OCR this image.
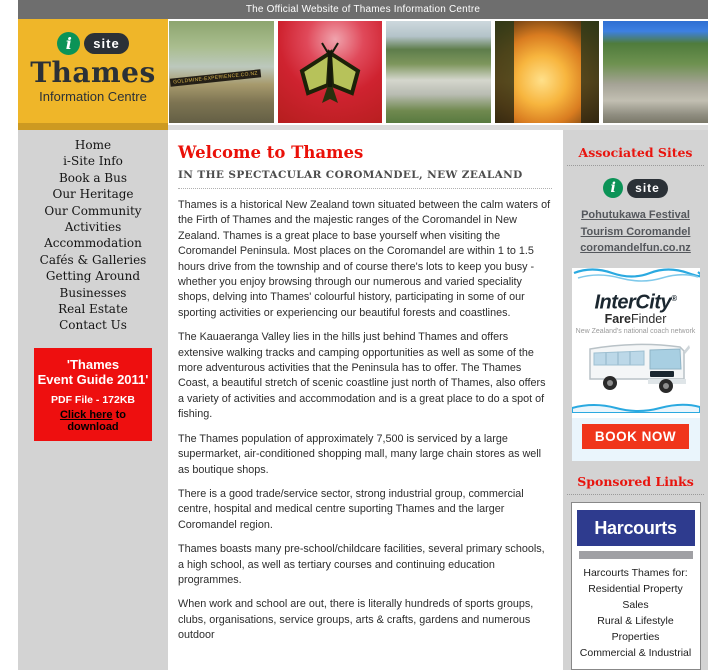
The Official Website of Thames Information Centre
i	site
Thames
Information Centre
GOLDMINE-EXPERIENCE.CO.NZ
Home
i-Site Info
Book a Bus
Our Heritage
Our Community
Activities
Accommodation
Cafés & Galleries
Getting Around
Businesses
Real Estate
Contact Us
'Thames
Event Guide 2011'
PDF File - 172KB
Click here to download
Welcome to Thames
IN THE SPECTACULAR COROMANDEL, NEW ZEALAND

Thames is a historical New Zealand town situated between the calm waters of the Firth of Thames and the majestic ranges of the Coromandel in New Zealand. Thames is a great place to base yourself when visiting the Coromandel Peninsula. Most places on the Coromandel are within 1 to 1.5 hours drive from the township and of course there's lots to keep you busy - whether you enjoy browsing through our numerous and varied speciality shops, delving into Thames' colourful history, participating in some of our sporting activities or experiencing our beautiful forests and coastlines.

The Kauaeranga Valley lies in the hills just behind Thames and offers extensive walking tracks and camping opportunities as well as some of the more adventurous activities that the Peninsula has to offer. The Thames Coast, a beautiful stretch of scenic coastline just north of Thames, also offers a variety of activities and accommodation and is a great place to do a spot of fishing.

The Thames population of approximately 7,500 is serviced by a large supermarket, air-conditioned shopping mall, many large chain stores as well as boutique shops.

There is a good trade/service sector, strong industrial group, commercial centre, hospital and medical centre suporting Thames and the larger Coromandel region.

Thames boasts many pre-school/childcare facilities, several primary schools, a high school, as well as tertiary courses and continuing education programmes.

When work and school are out, there is literally hundreds of sports groups, clubs, organisations, service groups, arts & crafts, gardens and numerous outdoor

Associated Sites
i	site
Pohutukawa Festival
Tourism Coromandel
coromandelfun.co.nz
InterCity®
FareFinder
New Zealand's national coach network

BOOK NOW
Sponsored Links
Harcourts
Harcourts Thames for:
Residential Property Sales
Rural & Lifestyle Properties
Commercial & Industrial
